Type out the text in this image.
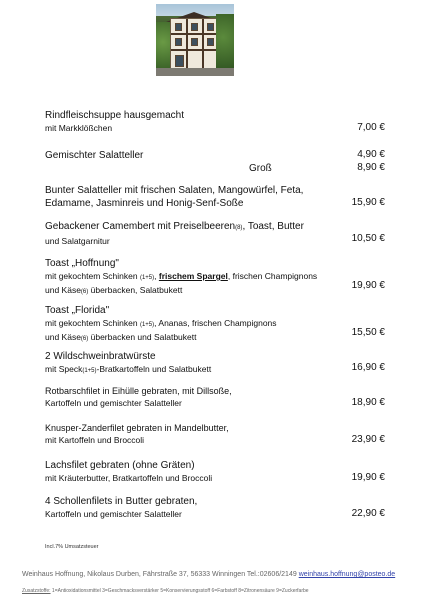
Rindfleischsuppe hausgemacht
mit Markklößchen	7,00 €
Gemischter Salatteller	4,90 €
Groß	8,90 €
Bunter Salatteller mit frischen Salaten, Mangowürfel, Feta,
Edamame, Jasminreis und Honig-Senf-Soße	15,90 €
Gebackener Camembert mit Preiselbeeren(8), Toast, Butter
und Salatgarnitur	10,50 €
Toast „Hoffnung"
mit gekochtem Schinken (1+5), frischem Spargel, frischen Champignons
und Käse(6) überbacken, Salatbukett	19,90 €
Toast „Florida"
mit gekochtem Schinken (1+5), Ananas, frischen Champignons
und Käse(6) überbacken und Salatbukett	15,50 €
2 Wildschweinbratwürste
mit Speck(1+5)-Bratkartoffeln und Salatbukett	16,90 €
Rotbarschfilet in Eihülle gebraten, mit Dillsoße,
Kartoffeln und gemischter Salatteller	18,90 €
Knusper-Zanderfilet gebraten in Mandelbutter,
mit Kartoffeln und Broccoli	23,90 €
Lachsfilet gebraten (ohne Gräten)
mit Kräuterbutter, Bratkartoffeln und Broccoli	19,90 €
4 Schollenfilets in Butter gebraten,
Kartoffeln und gemischter Salatteller	22,90 €
Incl.7% Umsatzsteuer
Weinhaus Hoffnung, Nikolaus Durben, Fährstraße 37, 56333 Winningen Tel.:02606/2149 weinhaus.hoffnung@posteo.de
Zusatzstoffe: 1=Antioxidationsmittel 3=Geschmacksverstärker 5=Konservierungsstoff 6=Farbstoff 8=Zitronensäure 9=Zuckerfarbe
